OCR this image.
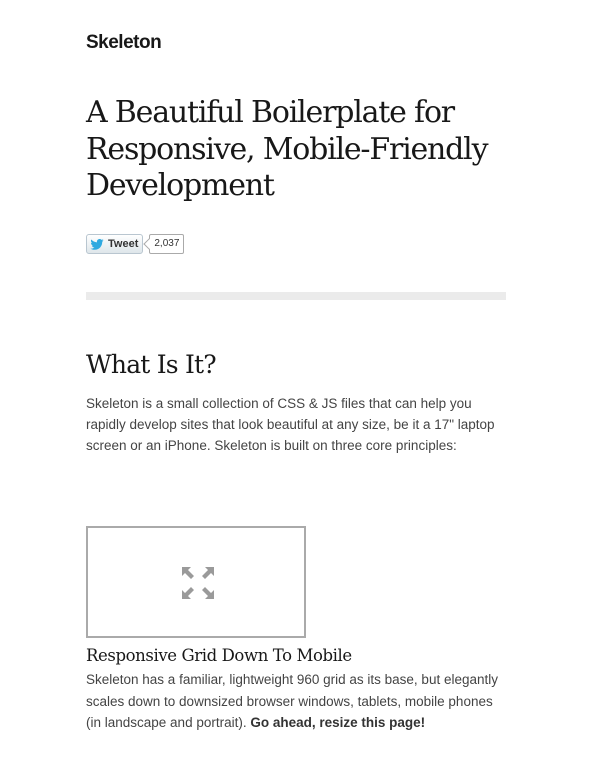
Skeleton
A Beautiful Boilerplate for Responsive, Mobile-Friendly Development
Tweet	2,037
What Is It?

Skeleton is a small collection of CSS & JS files that can help you rapidly develop sites that look beautiful at any size, be it a 17" laptop screen or an iPhone. Skeleton is built on three core principles:

Responsive Grid Down To Mobile

Skeleton has a familiar, lightweight 960 grid as its base, but elegantly scales down to downsized browser windows, tablets, mobile phones (in landscape and portrait). Go ahead, resize this page!
